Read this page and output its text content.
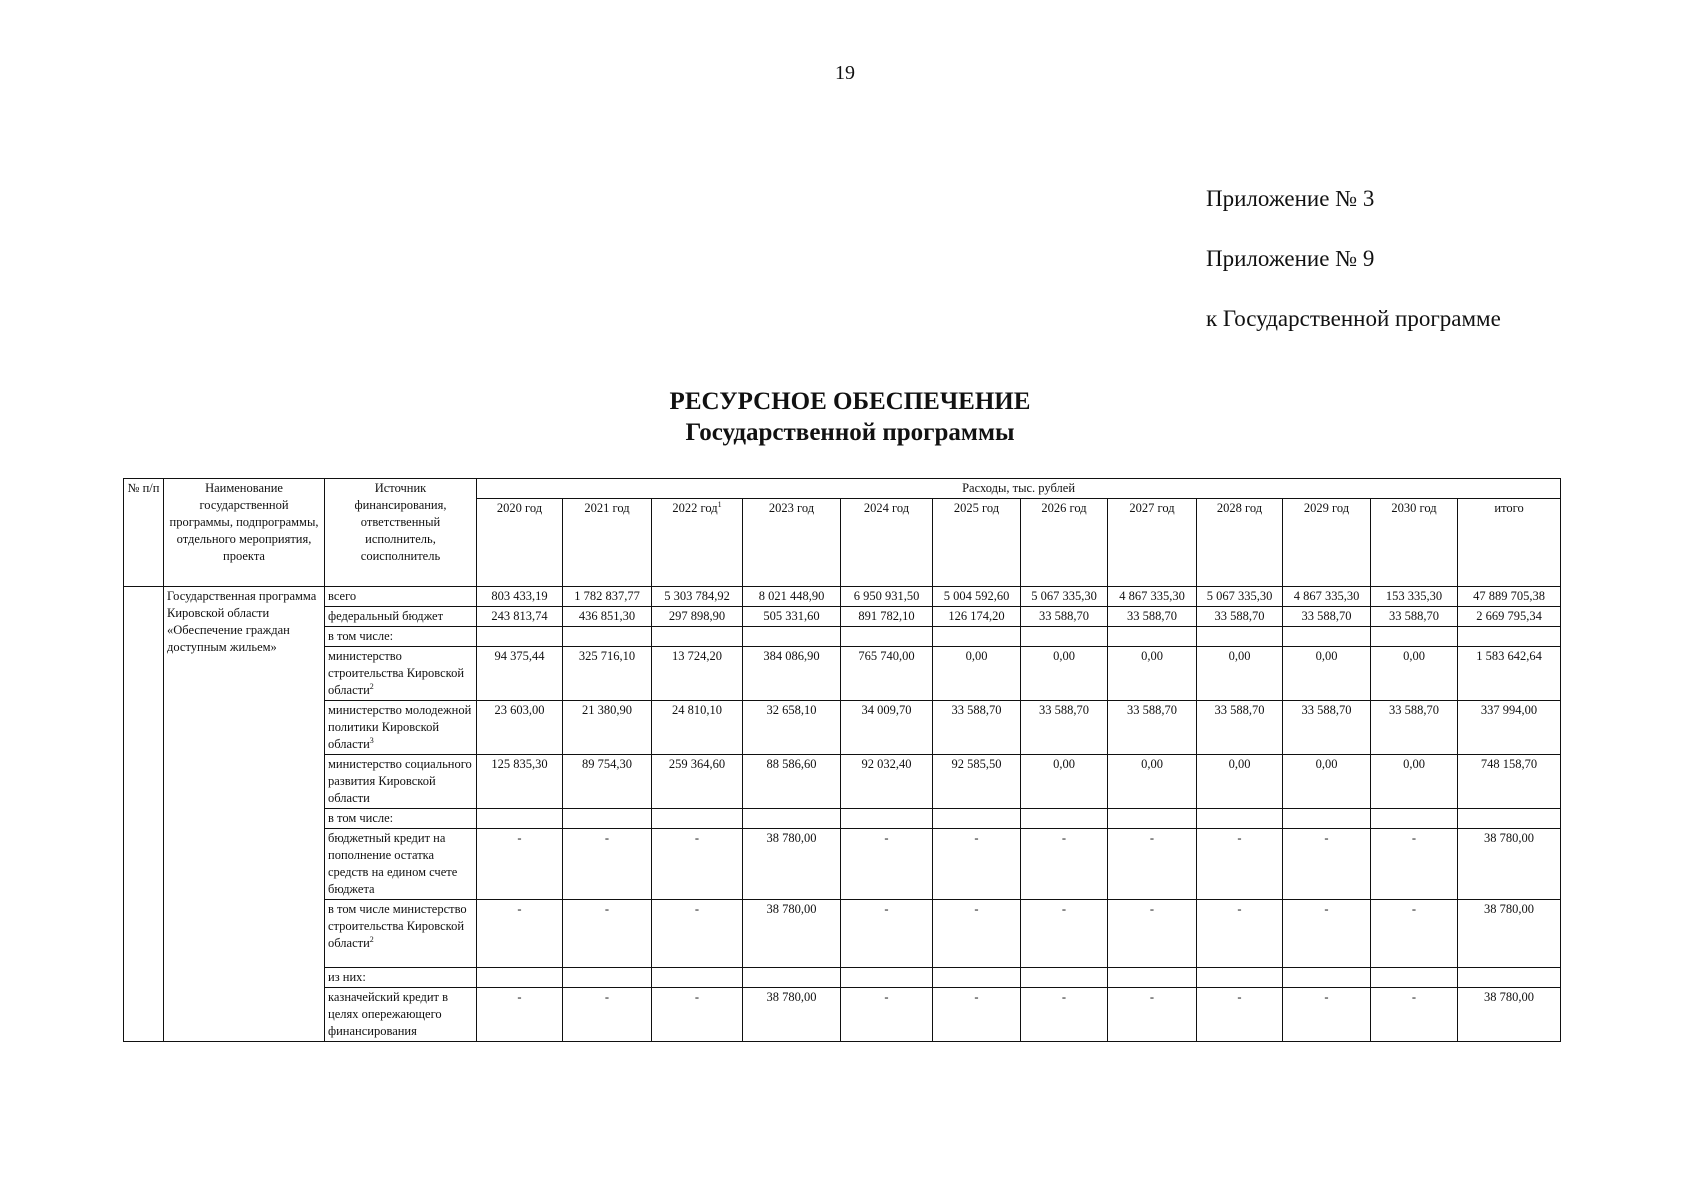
19
Приложение № 3
Приложение № 9
к Государственной программе
РЕСУРСНОЕ ОБЕСПЕЧЕНИЕ
Государственной программы
№ п/п	Наименование государственной программы, подпрограммы, отдельного мероприятия, проекта	Источник финансирования, ответственный исполнитель, соисполнитель	Расходы, тыс. рублей											
			2020 год	2021 год	2022 год$^1$	2023 год	2024 год	2025 год	2026 год	2027 год	2028 год	2029 год	2030 год	итого
	Государственная программа Кировской области «Обеспечение граждан доступным жильем»	всего	803 433,19	1 782 837,77	5 303 784,92	8 021 448,90	6 950 931,50	5 004 592,60	5 067 335,30	4 867 335,30	5 067 335,30	4 867 335,30	153 335,30	47 889 705,38
		федеральный бюджет	243 813,74	436 851,30	297 898,90	505 331,60	891 782,10	126 174,20	33 588,70	33 588,70	33 588,70	33 588,70	33 588,70	2 669 795,34
		в том числе:												
		министерство строительства Кировской области$^2$	94 375,44	325 716,10	13 724,20	384 086,90	765 740,00	0,00	0,00	0,00	0,00	0,00	0,00	1 583 642,64
		министерство молодежной политики Кировской области$^3$	23 603,00	21 380,90	24 810,10	32 658,10	34 009,70	33 588,70	33 588,70	33 588,70	33 588,70	33 588,70	33 588,70	337 994,00
		министерство социального развития Кировской области	125 835,30	89 754,30	259 364,60	88 586,60	92 032,40	92 585,50	0,00	0,00	0,00	0,00	0,00	748 158,70
		в том числе:												
		бюджетный кредит на пополнение остатка средств на едином счете бюджета	-	-	-	38 780,00	-	-	-	-	-	-	-	38 780,00
		в том числе министерство строительства Кировской области$^2$	-	-	-	38 780,00	-	-	-	-	-	-	-	38 780,00
		из них:												
		казначейский кредит в целях опережающего финансирования	-	-	-	38 780,00	-	-	-	-	-	-	-	38 780,00
